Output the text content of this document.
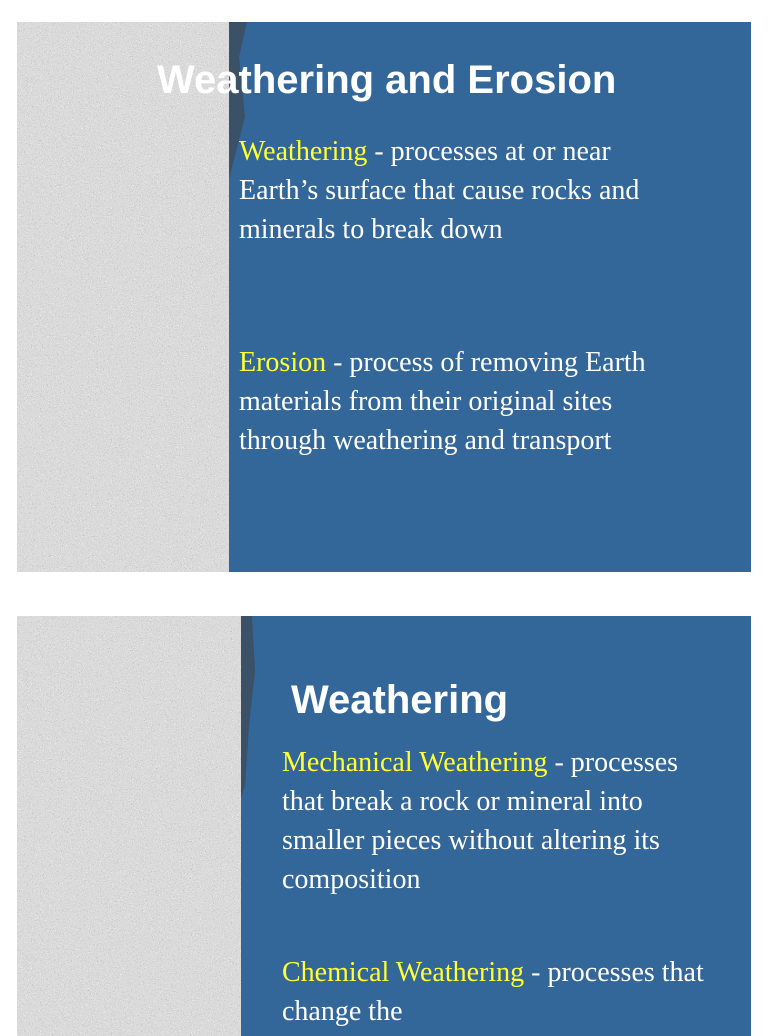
Weathering and Erosion

Weathering - processes at or near Earth’s surface that cause rocks and minerals to break down

Erosion - process of removing Earth materials from their original sites through weathering and transport

Weathering

Mechanical Weathering - processes that break a rock or mineral into smaller pieces without altering its composition

Chemical Weathering - processes that change the
